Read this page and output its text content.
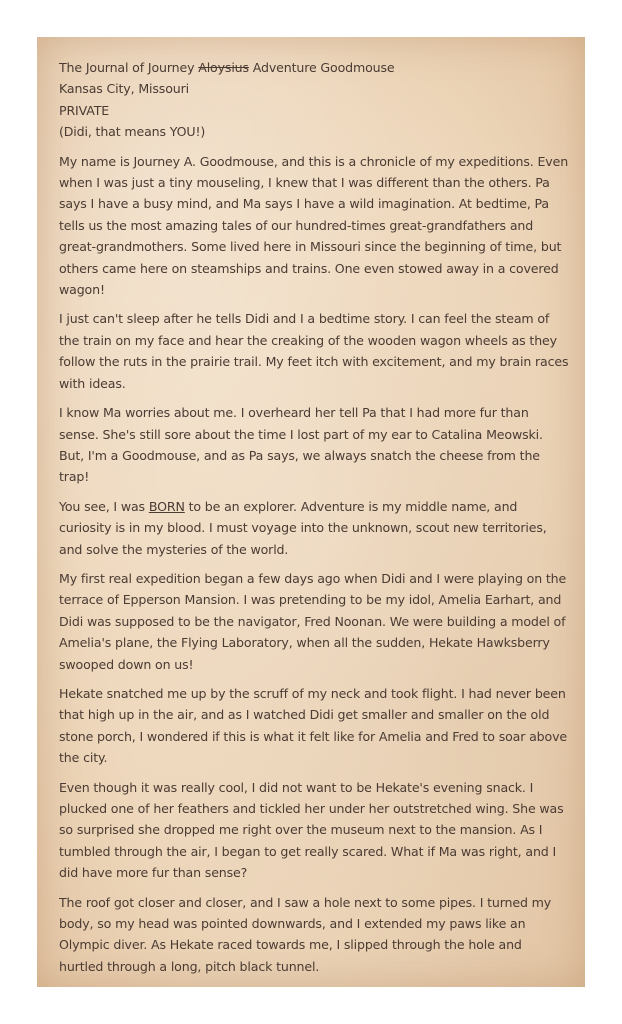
The Journal of Journey Aloysius Adventure Goodmouse

Kansas City, Missouri

PRIVATE

(Didi, that means YOU!)

My name is Journey A. Goodmouse, and this is a chronicle of my expeditions. Even when I was just a tiny mouseling, I knew that I was different than the others. Pa says I have a busy mind, and Ma says I have a wild imagination. At bedtime, Pa tells us the most amazing tales of our hundred-times great-grandfathers and great-grandmothers. Some lived here in Missouri since the beginning of time, but others came here on steamships and trains. One even stowed away in a covered wagon!

I just can't sleep after he tells Didi and I a bedtime story. I can feel the steam of the train on my face and hear the creaking of the wooden wagon wheels as they follow the ruts in the prairie trail. My feet itch with excitement, and my brain races with ideas.

I know Ma worries about me. I overheard her tell Pa that I had more fur than sense. She's still sore about the time I lost part of my ear to Catalina Meowski. But, I'm a Goodmouse, and as Pa says, we always snatch the cheese from the trap!

You see, I was BORN to be an explorer. Adventure is my middle name, and curiosity is in my blood. I must voyage into the unknown, scout new territories, and solve the mysteries of the world.

My first real expedition began a few days ago when Didi and I were playing on the terrace of Epperson Mansion. I was pretending to be my idol, Amelia Earhart, and Didi was supposed to be the navigator, Fred Noonan. We were building a model of Amelia's plane, the Flying Laboratory, when all the sudden, Hekate Hawksberry swooped down on us!

Hekate snatched me up by the scruff of my neck and took flight. I had never been that high up in the air, and as I watched Didi get smaller and smaller on the old stone porch, I wondered if this is what it felt like for Amelia and Fred to soar above the city.

Even though it was really cool, I did not want to be Hekate's evening snack. I plucked one of her feathers and tickled her under her outstretched wing. She was so surprised she dropped me right over the museum next to the mansion. As I tumbled through the air, I began to get really scared. What if Ma was right, and I did have more fur than sense?

The roof got closer and closer, and I saw a hole next to some pipes. I turned my body, so my head was pointed downwards, and I extended my paws like an Olympic diver. As Hekate raced towards me, I slipped through the hole and hurtled through a long, pitch black tunnel.
